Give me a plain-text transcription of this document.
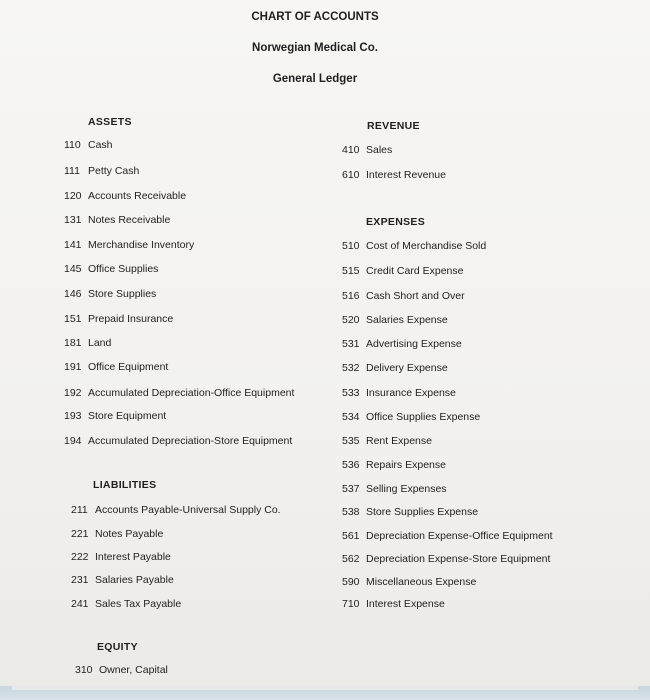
CHART OF ACCOUNTS
Norwegian Medical Co.
General Ledger
ASSETS
110 Cash
111 Petty Cash
120 Accounts Receivable
131 Notes Receivable
141 Merchandise Inventory
145 Office Supplies
146 Store Supplies
151 Prepaid Insurance
181 Land
191 Office Equipment
192 Accumulated Depreciation-Office Equipment
193 Store Equipment
194 Accumulated Depreciation-Store Equipment
LIABILITIES
211 Accounts Payable-Universal Supply Co.
221 Notes Payable
222 Interest Payable
231 Salaries Payable
241 Sales Tax Payable
EQUITY
310 Owner, Capital
REVENUE
410 Sales
610 Interest Revenue
EXPENSES
510 Cost of Merchandise Sold
515 Credit Card Expense
516 Cash Short and Over
520 Salaries Expense
531 Advertising Expense
532 Delivery Expense
533 Insurance Expense
534 Office Supplies Expense
535 Rent Expense
536 Repairs Expense
537 Selling Expenses
538 Store Supplies Expense
561 Depreciation Expense-Office Equipment
562 Depreciation Expense-Store Equipment
590 Miscellaneous Expense
710 Interest Expense
